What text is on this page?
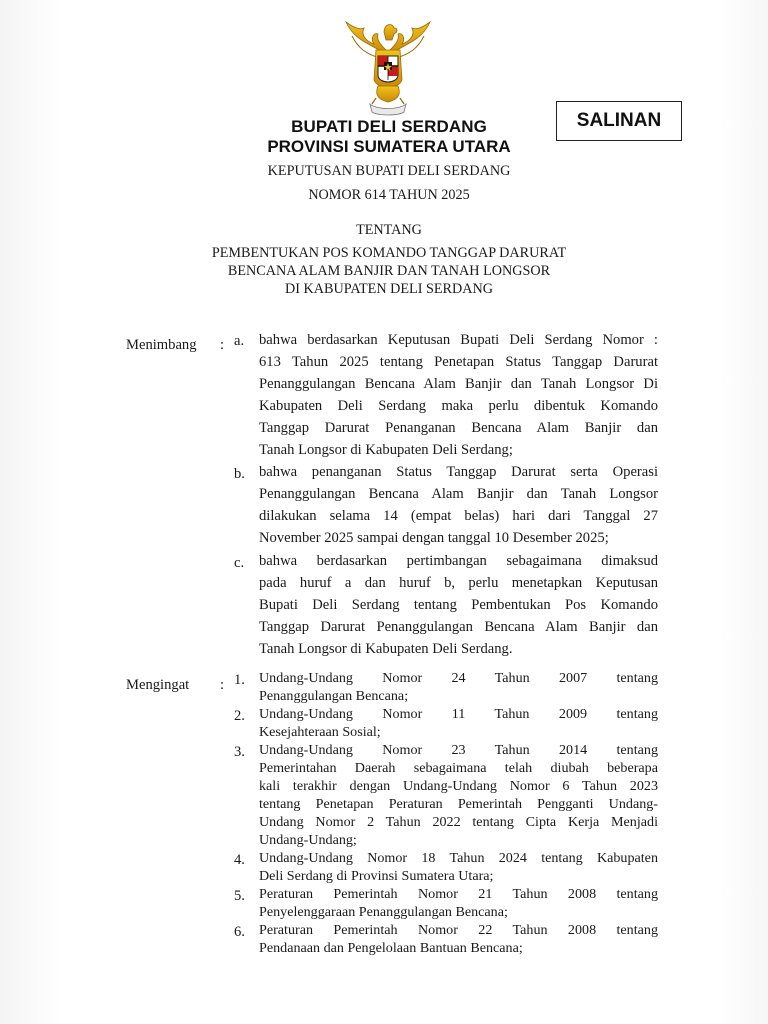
BUPATI DELI SERDANG
PROVINSI SUMATERA UTARA
SALINAN
KEPUTUSAN BUPATI DELI SERDANG
NOMOR 614 TAHUN 2025
TENTANG
PEMBENTUKAN POS KOMANDO TANGGAP DARURAT
BENCANA ALAM BANJIR DAN TANAH LONGSOR
DI KABUPATEN DELI SERDANG
Menimbang : a. bahwa berdasarkan Keputusan Bupati Deli Serdang Nomor :
613 Tahun 2025 tentang Penetapan Status Tanggap Darurat
Penanggulangan Bencana Alam Banjir dan Tanah Longsor Di
Kabupaten Deli Serdang maka perlu dibentuk Komando
Tanggap Darurat Penanganan Bencana Alam Banjir dan
Tanah Longsor di Kabupaten Deli Serdang;
b. bahwa penanganan Status Tanggap Darurat serta Operasi
Penanggulangan Bencana Alam Banjir dan Tanah Longsor
dilakukan selama 14 (empat belas) hari dari Tanggal 27
November 2025 sampai dengan tanggal 10 Desember 2025;
c. bahwa berdasarkan pertimbangan sebagaimana dimaksud
pada huruf a dan huruf b, perlu menetapkan Keputusan
Bupati Deli Serdang tentang Pembentukan Pos Komando
Tanggap Darurat Penanggulangan Bencana Alam Banjir dan
Tanah Longsor di Kabupaten Deli Serdang.
Mengingat : 1. Undang-Undang Nomor 24 Tahun 2007 tentang
Penanggulangan Bencana;
2. Undang-Undang Nomor 11 Tahun 2009 tentang
Kesejahteraan Sosial;
3. Undang-Undang Nomor 23 Tahun 2014 tentang
Pemerintahan Daerah sebagaimana telah diubah beberapa
kali terakhir dengan Undang-Undang Nomor 6 Tahun 2023
tentang Penetapan Peraturan Pemerintah Pengganti Undang-
Undang Nomor 2 Tahun 2022 tentang Cipta Kerja Menjadi
Undang-Undang;
4. Undang-Undang Nomor 18 Tahun 2024 tentang Kabupaten
Deli Serdang di Provinsi Sumatera Utara;
5. Peraturan Pemerintah Nomor 21 Tahun 2008 tentang
Penyelenggaraan Penanggulangan Bencana;
6. Peraturan Pemerintah Nomor 22 Tahun 2008 tentang
Pendanaan dan Pengelolaan Bantuan Bencana;
